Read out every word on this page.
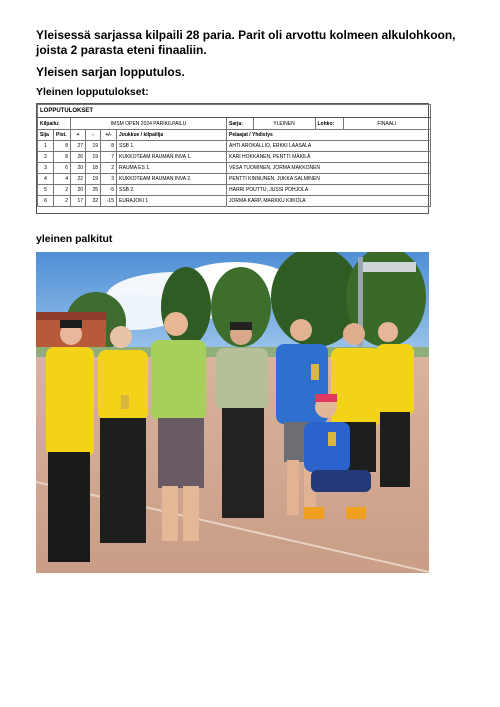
Yleisessä sarjassa kilpaili 28 paria. Parit oli arvottu kolmeen alkulohkoon, joista 2 parasta eteni finaaliin.
Yleisen sarjan lopputulos.
Yleinen lopputulokset:
LOPPUTULOKSET
Kilpailu:	IMSM OPEN 2024 PARIKILPAILU		Sarja:	YLEINEN	Lohko:	FINAALI

Sija	Pist.	+	-	+/-	Joukkue / kilpailija	Pelaajat / Yhdistys
1	8	27	19	8	SSB 1.	AHTI AROKALLIO, ERKKI LAASALA
2	8	26	19	7	KUKKOTEAM RAUMAN INVA 1.	KARI HOKKANEN, PENTTI MÄKILÄ
3	6	20	18	2	RAUMA ES 1.	VESA TUOMINEN, JORMA MAKKONEN
4	4	22	19	3	KUKKOTEAM RAUMAN INVA 2.	PENTTI KINNUNEN, JUKKA SALMINEN
5	2	20	25	-5	SSB 2.	HARRI POUTTU, JUSSI POHJOLA
6	2	17	32	-15	EURAJOKI 1	JORMA KARP, MARKKU KIIKOLA
yleinen palkitut
